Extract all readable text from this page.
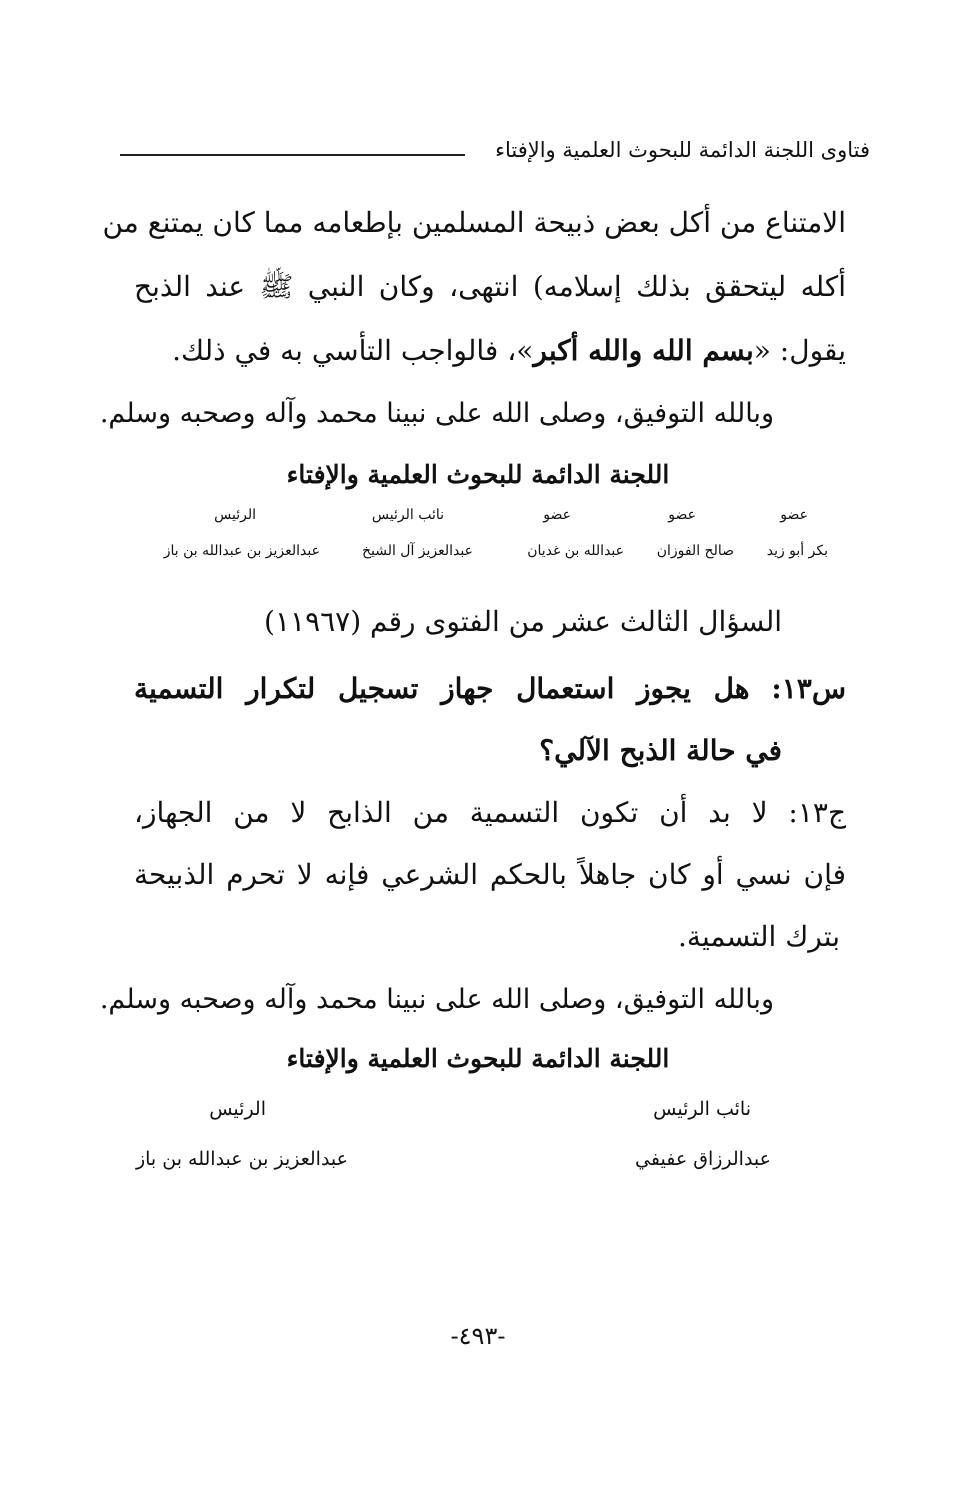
فتاوى اللجنة الدائمة للبحوث العلمية والإفتاء
الامتناع من أكل بعض ذبيحة المسلمين بإطعامه مما كان يمتنع من
أكله ليتحقق بذلك إسلامه) انتهى، وكان النبي ﷺ عند الذبح
يقول: «بسم الله والله أكبر»، فالواجب التأسي به في ذلك.
وبالله التوفيق، وصلى الله على نبينا محمد وآله وصحبه وسلم.
اللجنة الدائمة للبحوث العلمية والإفتاء
عضو
عضو
عضو
نائب الرئيس
الرئيس
بكر أبو زيد
صالح الفوزان
عبدالله بن غديان
عبدالعزيز آل الشيخ
عبدالعزيز بن عبدالله بن باز
السؤال الثالث عشر من الفتوى رقم (١١٩٦٧)
س١٣: هل يجوز استعمال جهاز تسجيل لتكرار التسمية
في حالة الذبح الآلي؟
ج١٣: لا بد أن تكون التسمية من الذابح لا من الجهاز،
فإن نسي أو كان جاهلاً بالحكم الشرعي فإنه لا تحرم الذبيحة
بترك التسمية.
وبالله التوفيق، وصلى الله على نبينا محمد وآله وصحبه وسلم.
اللجنة الدائمة للبحوث العلمية والإفتاء
نائب الرئيس
الرئيس
عبدالرزاق عفيفي
عبدالعزيز بن عبدالله بن باز
-٤٩٣-
